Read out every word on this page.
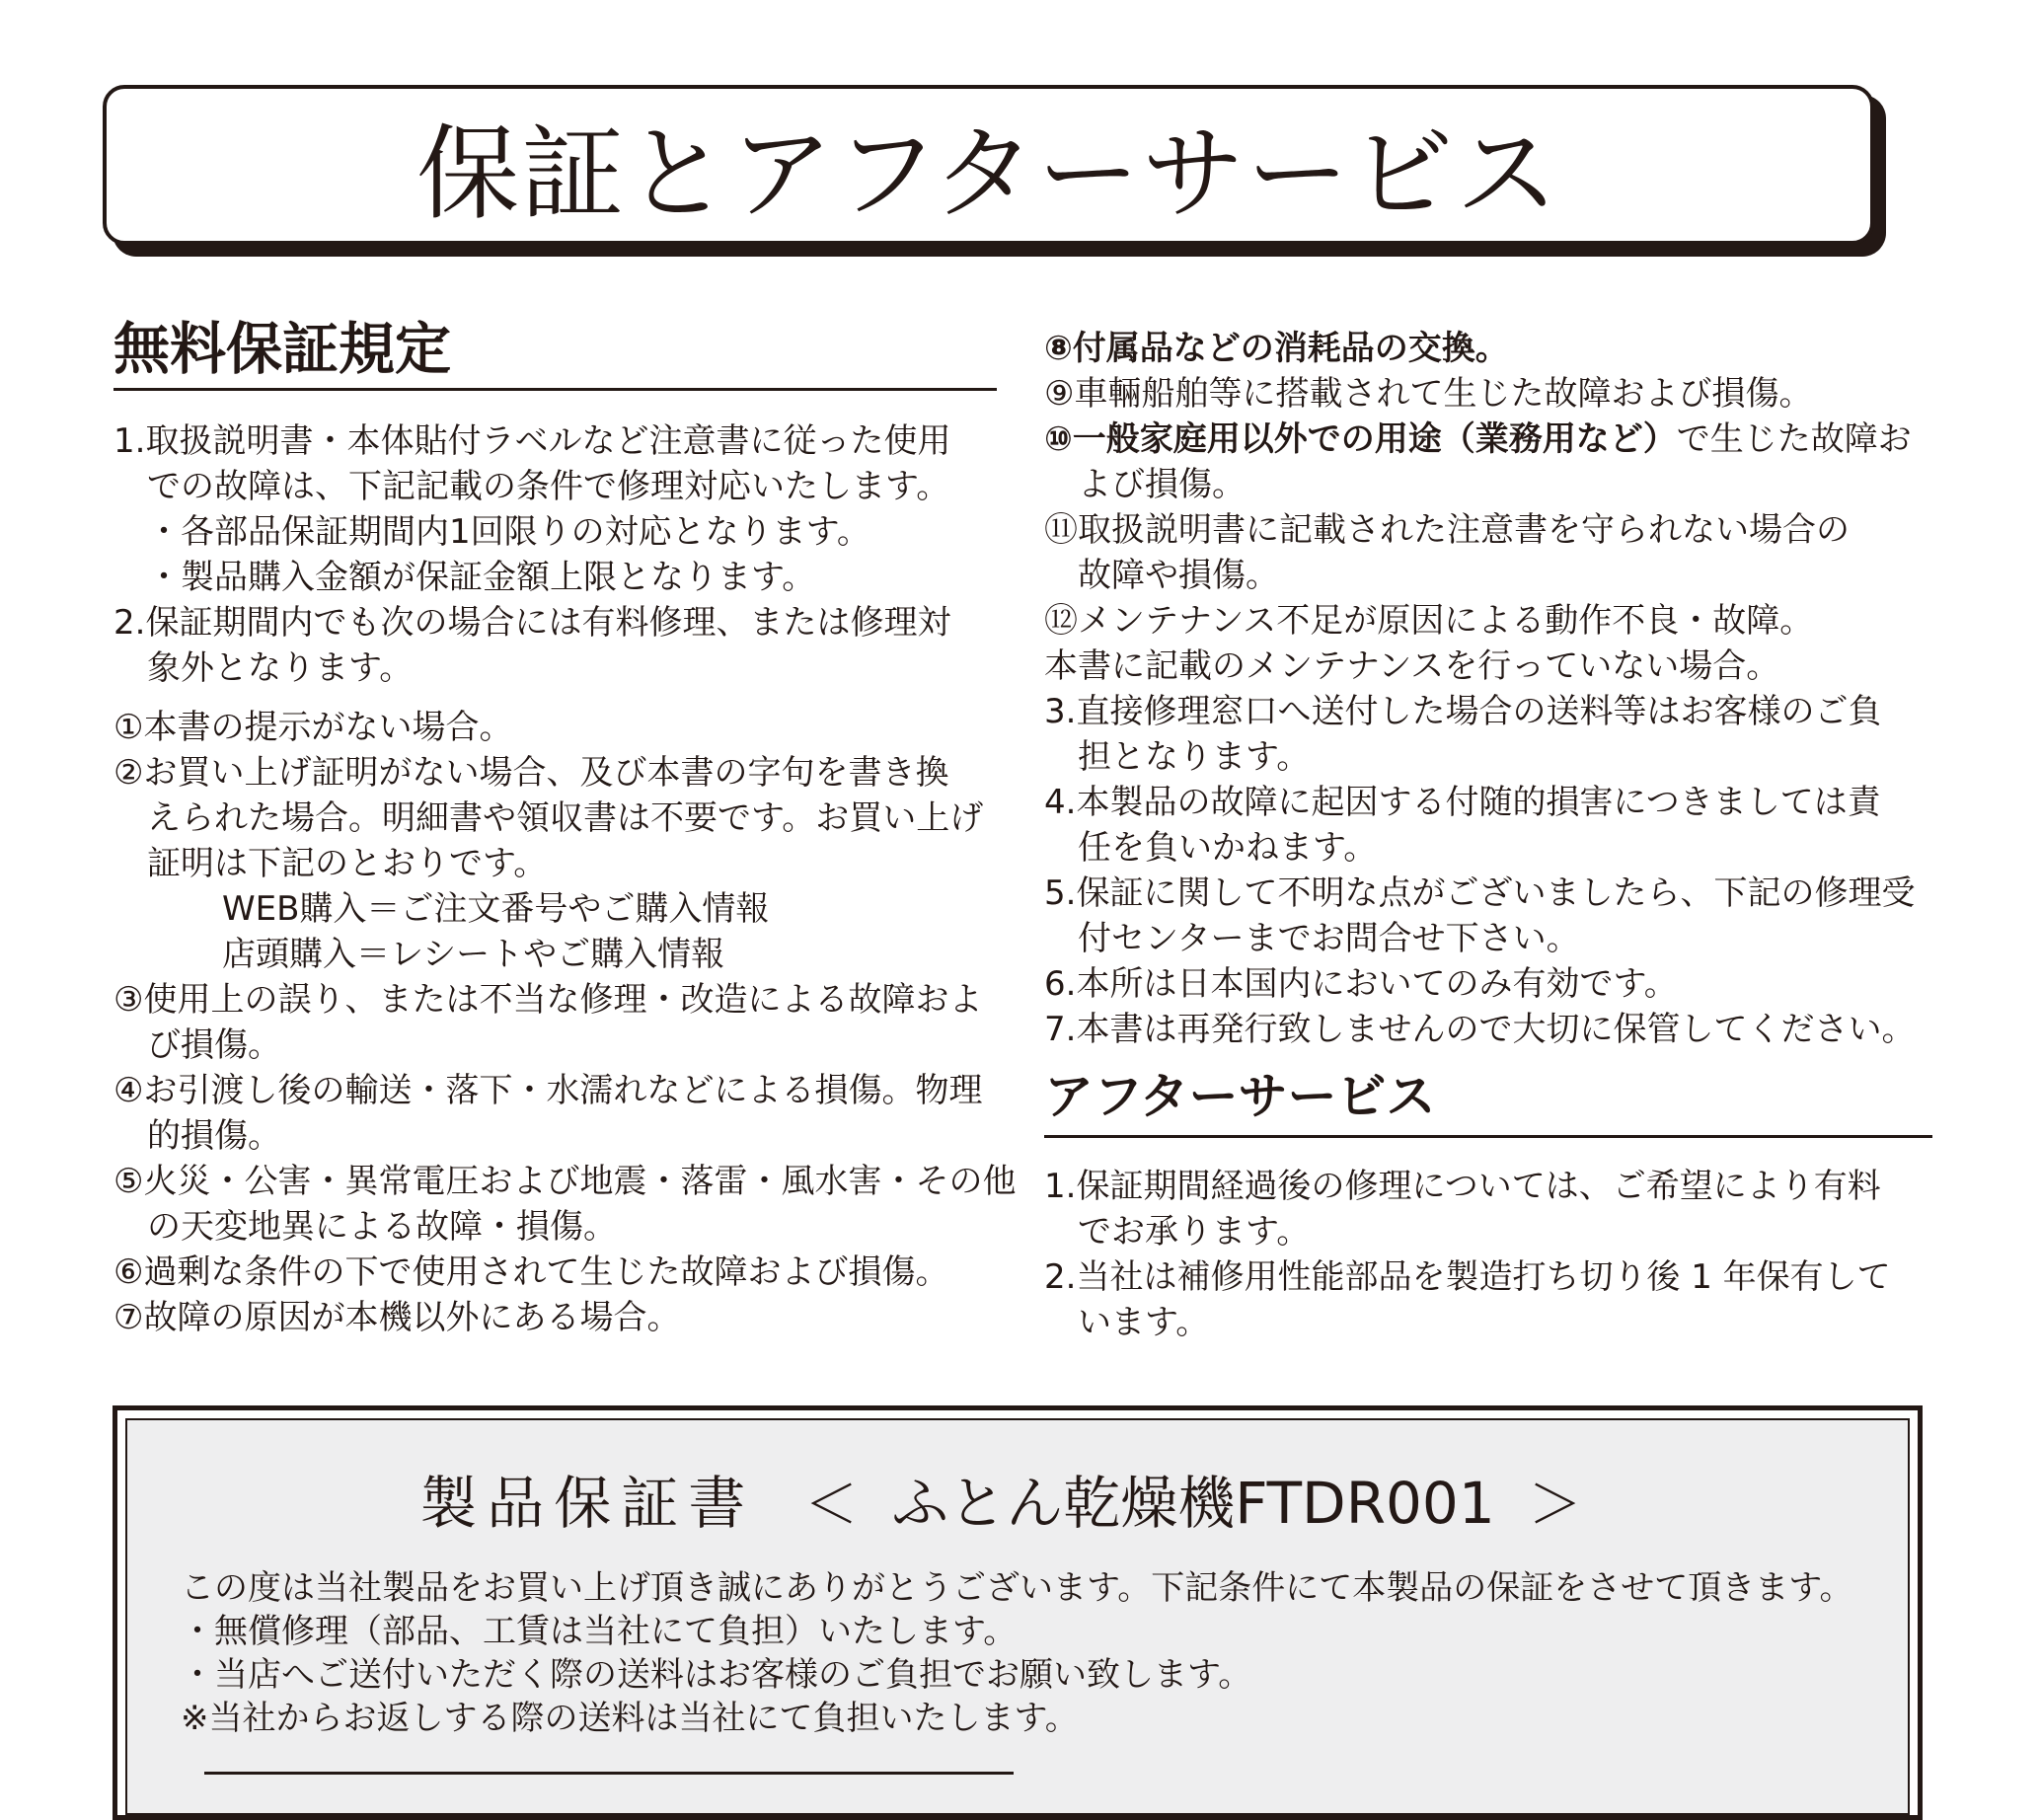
保証とアフターサービス
無料保証規定
1.取扱説明書・本体貼付ラベルなど注意書に従った使用
での故障は、下記記載の条件で修理対応いたします。
・各部品保証期間内1回限りの対応となります。
・製品購入金額が保証金額上限となります。
2.保証期間内でも次の場合には有料修理、または修理対
象外となります。
①本書の提示がない場合。
②お買い上げ証明がない場合、及び本書の字句を書き換
えられた場合。明細書や領収書は不要です。お買い上げ
証明は下記のとおりです。
WEB購入＝ご注文番号やご購入情報
店頭購入＝レシートやご購入情報
③使用上の誤り、または不当な修理・改造による故障およ
び損傷。
④お引渡し後の輸送・落下・水濡れなどによる損傷。物理
的損傷。
⑤火災・公害・異常電圧および地震・落雷・風水害・その他
の天変地異による故障・損傷。
⑥過剰な条件の下で使用されて生じた故障および損傷。
⑦故障の原因が本機以外にある場合。
⑧付属品などの消耗品の交換。
⑨車輛船舶等に搭載されて生じた故障および損傷。
⑩一般家庭用以外での用途（業務用など）で生じた故障お
よび損傷。
⑪取扱説明書に記載された注意書を守られない場合の
故障や損傷。
⑫メンテナンス不足が原因による動作不良・故障。
本書に記載のメンテナンスを行っていない場合。
3.直接修理窓口へ送付した場合の送料等はお客様のご負
担となります。
4.本製品の故障に起因する付随的損害につきましては責
任を負いかねます。
5.保証に関して不明な点がございましたら、下記の修理受
付センターまでお問合せ下さい。
6.本所は日本国内においてのみ有効です。
7.本書は再発行致しませんので大切に保管してください。
アフターサービス
1.保証期間経過後の修理については、ご希望により有料
でお承ります。
2.当社は補修用性能部品を製造打ち切り後 1 年保有して
います。
製品保証書 ＜ ふとん乾燥機FTDR001 ＞
この度は当社製品をお買い上げ頂き誠にありがとうございます。下記条件にて本製品の保証をさせて頂きます。
・無償修理（部品、工賃は当社にて負担）いたします。
・当店へご送付いただく際の送料はお客様のご負担でお願い致します。
※当社からお返しする際の送料は当社にて負担いたします。
